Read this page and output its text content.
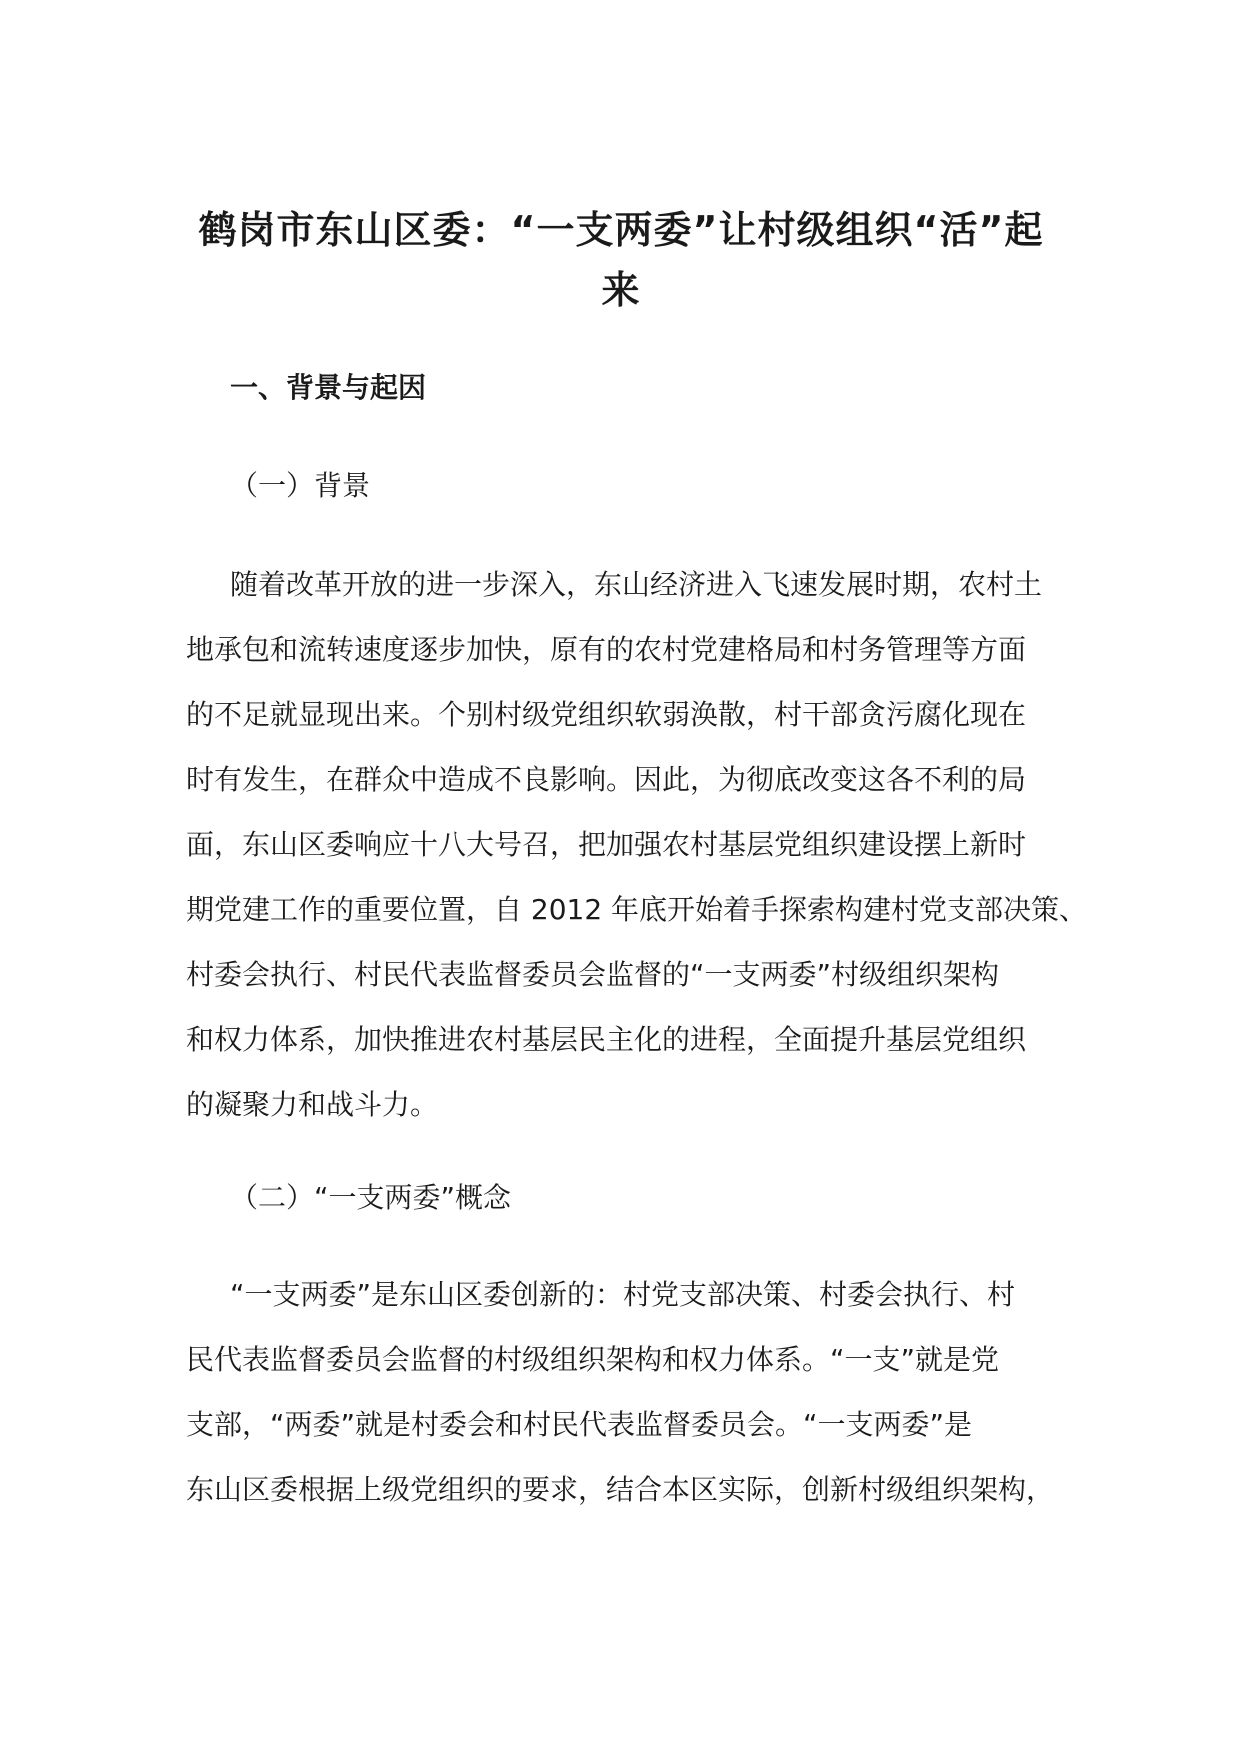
鹤岗市东山区委：“一支两委”让村级组织“活”起
来
一、背景与起因
（一）背景
随着改革开放的进一步深入，东山经济进入飞速发展时期，农村土
地承包和流转速度逐步加快，原有的农村党建格局和村务管理等方面
的不足就显现出来。个别村级党组织软弱涣散，村干部贪污腐化现在
时有发生，在群众中造成不良影响。因此，为彻底改变这各不利的局
面，东山区委响应十八大号召，把加强农村基层党组织建设摆上新时
期党建工作的重要位置，自 2012 年底开始着手探索构建村党支部决策、
村委会执行、村民代表监督委员会监督的“一支两委”村级组织架构
和权力体系，加快推进农村基层民主化的进程，全面提升基层党组织
的凝聚力和战斗力。
（二）“一支两委”概念
“一支两委”是东山区委创新的：村党支部决策、村委会执行、村
民代表监督委员会监督的村级组织架构和权力体系。“一支”就是党
支部，“两委”就是村委会和村民代表监督委员会。“一支两委”是
东山区委根据上级党组织的要求，结合本区实际，创新村级组织架构，
